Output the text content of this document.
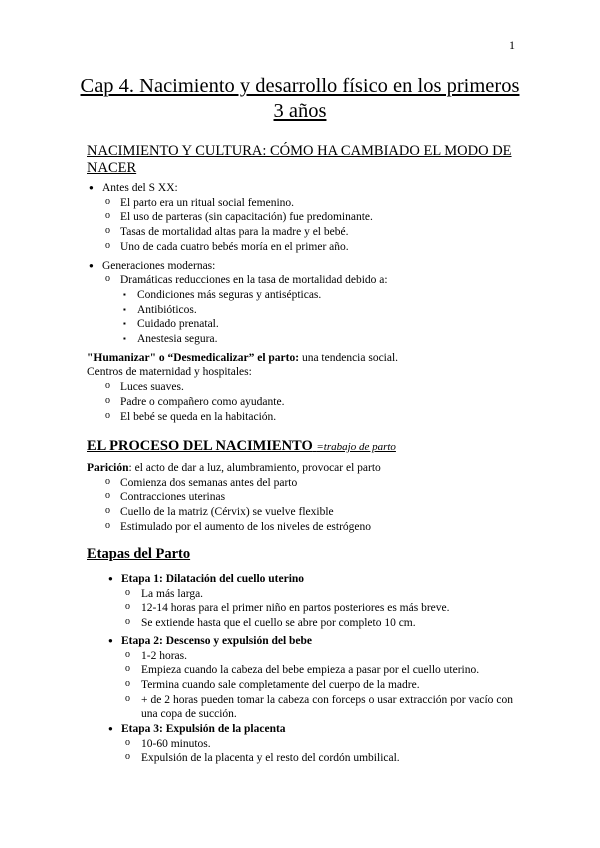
1
Cap 4. Nacimiento y desarrollo físico en los primeros 3 años
NACIMIENTO Y CULTURA: CÓMO HA CAMBIADO EL MODO DE NACER
● Antes del S XX:
o El parto era un ritual social femenino.
o El uso de parteras (sin capacitación) fue predominante.
o Tasas de mortalidad altas para la madre y el bebé.
o Uno de cada cuatro bebés moría en el primer año.
● Generaciones modernas:
o Dramáticas reducciones en la tasa de mortalidad debido a:
▪ Condiciones más seguras y antisépticas.
▪ Antibióticos.
▪ Cuidado prenatal.
▪ Anestesia segura.
"Humanizar" o “Desmedicalizar” el parto: una tendencia social.
Centros de maternidad y hospitales:
o Luces suaves.
o Padre o compañero como ayudante.
o El bebé se queda en la habitación.
EL PROCESO DEL NACIMIENTO =trabajo de parto
Parición: el acto de dar a luz, alumbramiento, provocar el parto
o Comienza dos semanas antes del parto
o Contracciones uterinas
o Cuello de la matriz (Cérvix) se vuelve flexible
o Estimulado por el aumento de los niveles de estrógeno
Etapas del Parto
● Etapa 1: Dilatación del cuello uterino
o La más larga.
o 12-14 horas para el primer niño en partos posteriores es más breve.
o Se extiende hasta que el cuello se abre por completo 10 cm.
● Etapa 2: Descenso y expulsión del bebe
o 1-2 horas.
o Empieza cuando la cabeza del bebe empieza a pasar por el cuello uterino.
o Termina cuando sale completamente del cuerpo de la madre.
o + de 2 horas pueden tomar la cabeza con forceps o usar extracción por vacío con una copa de succión.
● Etapa 3: Expulsión de la placenta
o 10-60 minutos.
o Expulsión de la placenta y el resto del cordón umbilical.
